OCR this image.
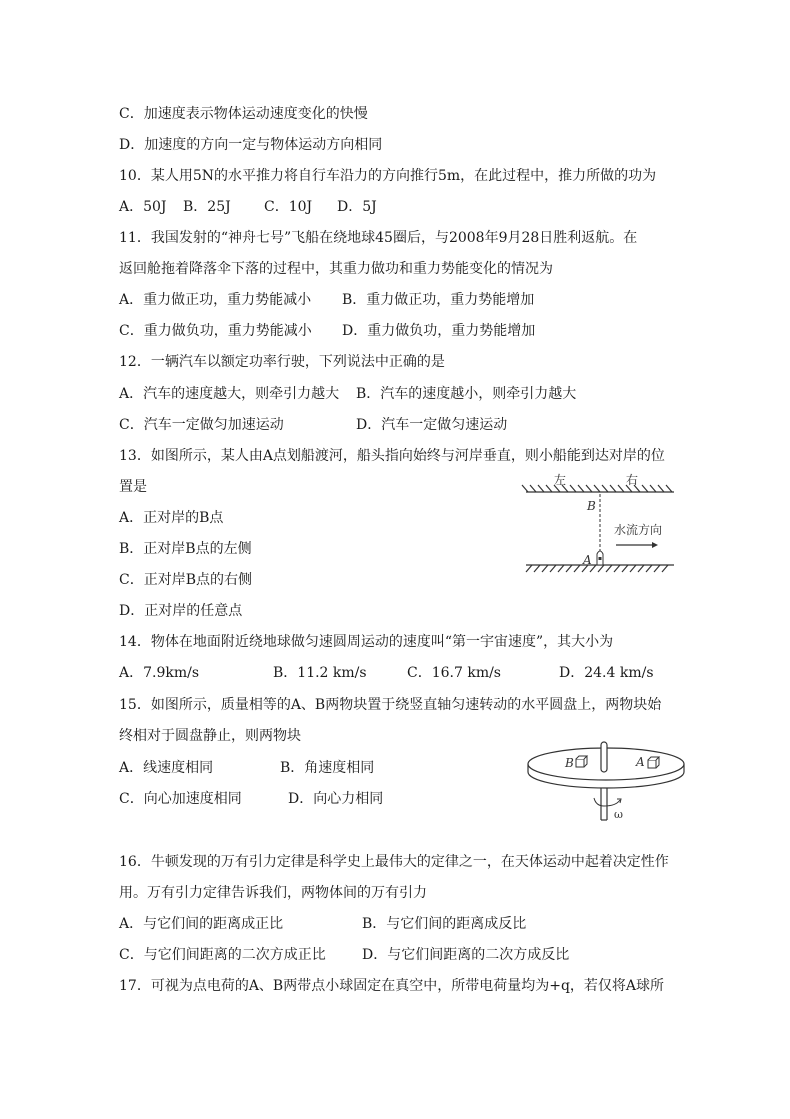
C．加速度表示物体运动速度变化的快慢
D．加速度的方向一定与物体运动方向相同
10．某人用5N的水平推力将自行车沿力的方向推行5m，在此过程中，推力所做的功为
A．50J B．25J C．10J D．5J
11．我国发射的“神舟七号”飞船在绕地球45圈后，与2008年9月28日胜利返航。在
返回舱拖着降落伞下落的过程中，其重力做功和重力势能变化的情况为
A．重力做正功，重力势能减小 B．重力做正功，重力势能增加
C．重力做负功，重力势能减小 D．重力做负功，重力势能增加
12．一辆汽车以额定功率行驶，下列说法中正确的是
A．汽车的速度越大，则牵引力越大 B．汽车的速度越小，则牵引力越大
C．汽车一定做匀加速运动	D．汽车一定做匀速运动
13．如图所示，某人由A点划船渡河，船头指向始终与河岸垂直，则小船能到达对岸的位
置是
A．正对岸的B点
B．正对岸B点的左侧
C．正对岸B点的右侧
D．正对岸的任意点
左	右
B
A
水流方向
14．物体在地面附近绕地球做匀速圆周运动的速度叫“第一宇宙速度”，其大小为
A．7.9km/s	B．11.2 km/s	C．16.7 km/s	D．24.4 km/s
15．如图所示，质量相等的A、B两物块置于绕竖直轴匀速转动的水平圆盘上，两物块始
终相对于圆盘静止，则两物块
A．线速度相同	B．角速度相同
C．向心加速度相同	D．向心力相同
B	A
ω
16．牛顿发现的万有引力定律是科学史上最伟大的定律之一，在天体运动中起着决定性作
用。万有引力定律告诉我们，两物体间的万有引力
A．与它们间的距离成正比	B．与它们间的距离成反比
C．与它们间距离的二次方成正比	D．与它们间距离的二次方成反比
17．可视为点电荷的A、B两带点小球固定在真空中，所带电荷量均为+q，若仅将A球所
